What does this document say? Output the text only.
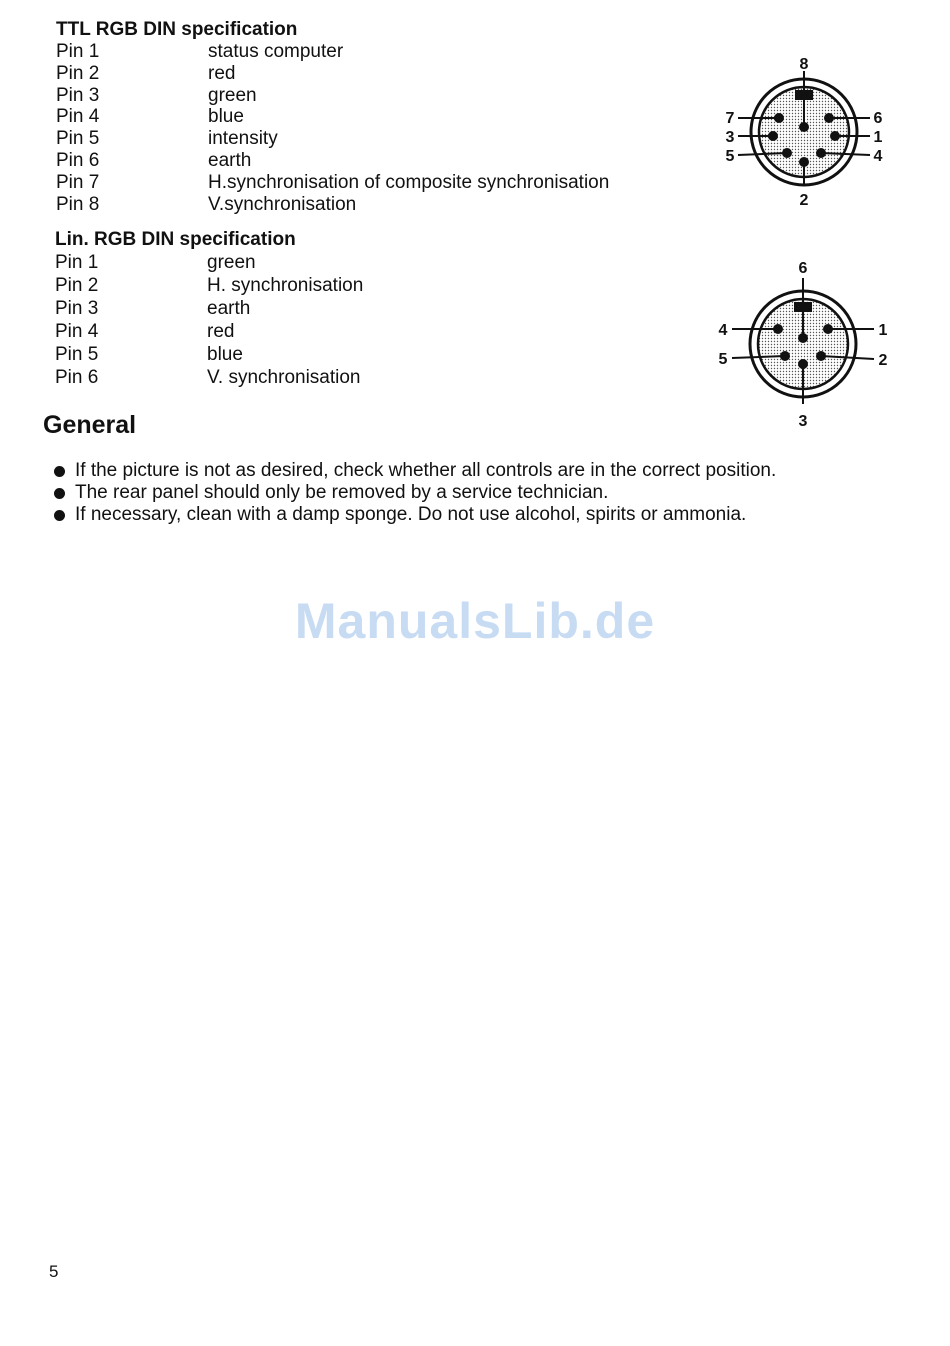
TTL RGB DIN specification
Pin 1	status computer
Pin 2	red
Pin 3	green
Pin 4	blue
Pin 5	intensity
Pin 6	earth
Pin 7	H.synchronisation of composite synchronisation
Pin 8	V.synchronisation
8
7
3
5
6
1
4
2
Lin. RGB DIN specification
Pin 1	green
Pin 2	H. synchronisation
Pin 3	earth
Pin 4	red
Pin 5	blue
Pin 6	V. synchronisation
6
4
5
1
2
3
General
If the picture is not as desired, check whether all controls are in the correct position.
The rear panel should only be removed by a service technician.
If necessary, clean with a damp sponge. Do not use alcohol, spirits or ammonia.
ManualsLib.de
5
